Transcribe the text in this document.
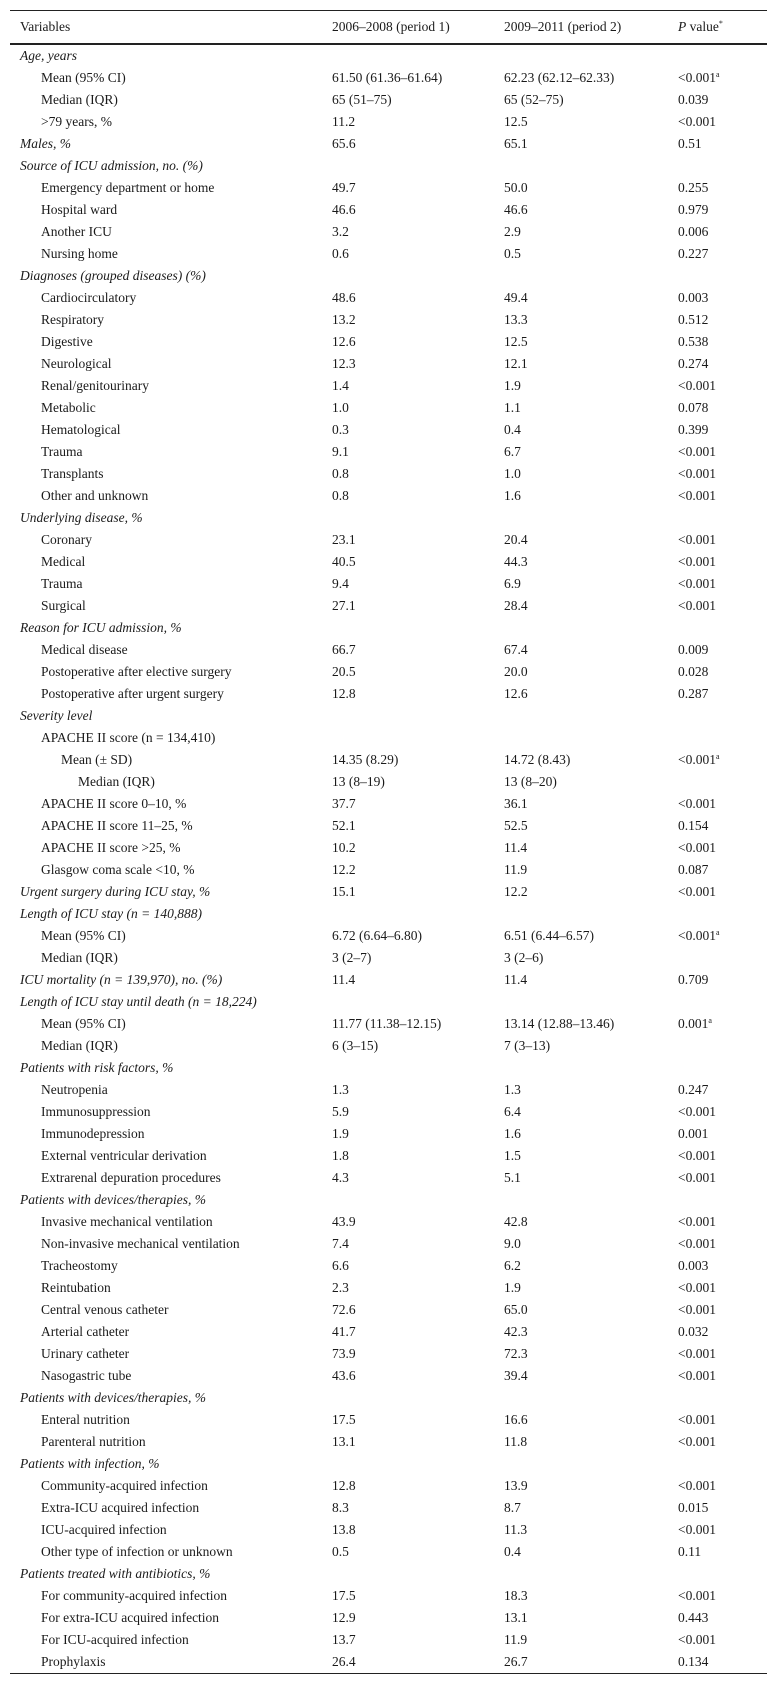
Variables	2006–2008 (period 1)	2009–2011 (period 2)	P value*
Age, years			
Mean (95% CI)	61.50 (61.36–61.64)	62.23 (62.12–62.33)	<0.001$^a$
Median (IQR)	65 (51–75)	65 (52–75)	0.039
>79 years, %	11.2	12.5	<0.001
Males, %	65.6	65.1	0.51
Source of ICU admission, no. (%)			
Emergency department or home	49.7	50.0	0.255
Hospital ward	46.6	46.6	0.979
Another ICU	3.2	2.9	0.006
Nursing home	0.6	0.5	0.227
Diagnoses (grouped diseases) (%)			
Cardiocirculatory	48.6	49.4	0.003
Respiratory	13.2	13.3	0.512
Digestive	12.6	12.5	0.538
Neurological	12.3	12.1	0.274
Renal/genitourinary	1.4	1.9	<0.001
Metabolic	1.0	1.1	0.078
Hematological	0.3	0.4	0.399
Trauma	9.1	6.7	<0.001
Transplants	0.8	1.0	<0.001
Other and unknown	0.8	1.6	<0.001
Underlying disease, %			
Coronary	23.1	20.4	<0.001
Medical	40.5	44.3	<0.001
Trauma	9.4	6.9	<0.001
Surgical	27.1	28.4	<0.001
Reason for ICU admission, %			
Medical disease	66.7	67.4	0.009
Postoperative after elective surgery	20.5	20.0	0.028
Postoperative after urgent surgery	12.8	12.6	0.287
Severity level			
APACHE II score (n = 134,410)			
Mean (± SD)	14.35 (8.29)	14.72 (8.43)	<0.001$^a$
Median (IQR)	13 (8–19)	13 (8–20)	
APACHE II score 0–10, %	37.7	36.1	<0.001
APACHE II score 11–25, %	52.1	52.5	0.154
APACHE II score >25, %	10.2	11.4	<0.001
Glasgow coma scale <10, %	12.2	11.9	0.087
Urgent surgery during ICU stay, %	15.1	12.2	<0.001
Length of ICU stay (n = 140,888)			
Mean (95% CI)	6.72 (6.64–6.80)	6.51 (6.44–6.57)	<0.001$^a$
Median (IQR)	3 (2–7)	3 (2–6)	
ICU mortality (n = 139,970), no. (%)	11.4	11.4	0.709
Length of ICU stay until death (n = 18,224)			
Mean (95% CI)	11.77 (11.38–12.15)	13.14 (12.88–13.46)	0.001$^a$
Median (IQR)	6 (3–15)	7 (3–13)	
Patients with risk factors, %			
Neutropenia	1.3	1.3	0.247
Immunosuppression	5.9	6.4	<0.001
Immunodepression	1.9	1.6	0.001
External ventricular derivation	1.8	1.5	<0.001
Extrarenal depuration procedures	4.3	5.1	<0.001
Patients with devices/therapies, %			
Invasive mechanical ventilation	43.9	42.8	<0.001
Non-invasive mechanical ventilation	7.4	9.0	<0.001
Tracheostomy	6.6	6.2	0.003
Reintubation	2.3	1.9	<0.001
Central venous catheter	72.6	65.0	<0.001
Arterial catheter	41.7	42.3	0.032
Urinary catheter	73.9	72.3	<0.001
Nasogastric tube	43.6	39.4	<0.001
Patients with devices/therapies, %			
Enteral nutrition	17.5	16.6	<0.001
Parenteral nutrition	13.1	11.8	<0.001
Patients with infection, %			
Community-acquired infection	12.8	13.9	<0.001
Extra-ICU acquired infection	8.3	8.7	0.015
ICU-acquired infection	13.8	11.3	<0.001
Other type of infection or unknown	0.5	0.4	0.11
Patients treated with antibiotics, %			
For community-acquired infection	17.5	18.3	<0.001
For extra-ICU acquired infection	12.9	13.1	0.443
For ICU-acquired infection	13.7	11.9	<0.001
Prophylaxis	26.4	26.7	0.134
